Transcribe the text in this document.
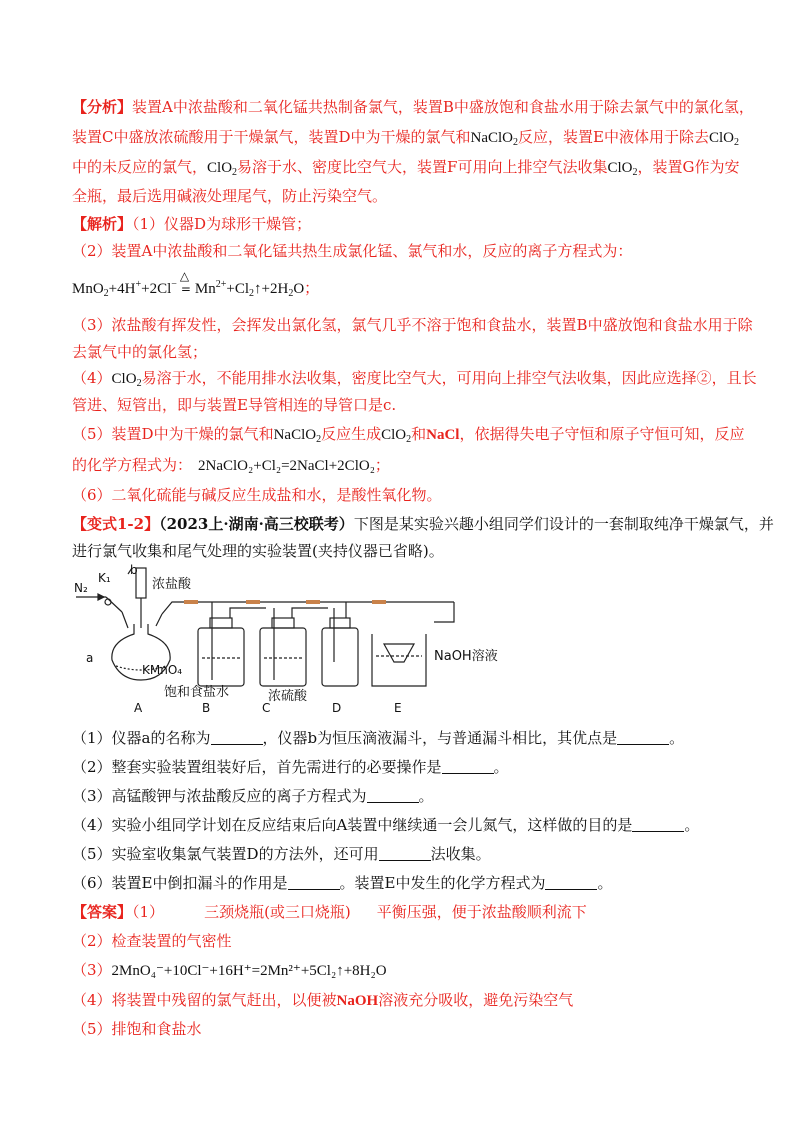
【分析】装置A中浓盐酸和二氧化锰共热制备氯气，装置B中盛放饱和食盐水用于除去氯气中的氯化氢，
装置C中盛放浓硫酸用于干燥氯气，装置D中为干燥的氯气和NaClO$_2$反应，装置E中液体用于除去ClO$_2$
中的未反应的氯气，ClO$_2$易溶于水、密度比空气大，装置F可用向上排空气法收集ClO$_2$，装置G作为安
全瓶，最后选用碱液处理尾气，防止污染空气。
【解析】（1）仪器D为球形干燥管；
（2）装置A中浓盐酸和二氧化锰共热生成氯化锰、氯气和水，反应的离子方程式为：
MnO$_2$+4H++2Cl−
△
= $Mn^{2+}+Cl_2↑+2H_2O$；
（3）浓盐酸有挥发性，会挥发出氯化氢，氯气几乎不溶于饱和食盐水，装置B中盛放饱和食盐水用于除
去氯气中的氯化氢；
（4）ClO$_2$易溶于水，不能用排水法收集，密度比空气大，可用向上排空气法收集，因此应选择②，且长
管进、短管出，即与装置E导管相连的导管口是c.
（5）装置D中为干燥的氯气和NaClO$_2$反应生成ClO$_2$和NaCl，依据得失电子守恒和原子守恒可知，反应
的化学方程式为： 2NaClO₂+Cl₂=2NaCl+2ClO₂；
（6）二氧化硫能与碱反应生成盐和水，是酸性氧化物。
【变式1-2】（2023上·湖南·高三校联考）下图是某实验兴趣小组同学们设计的一套制取纯净干燥氯气，并
进行氯气收集和尾气处理的实验装置(夹持仪器已省略)。
N₂
K₁
b
浓盐酸
a
KMnO₄
饱和食盐水	浓硫酸
NaOH溶液
A	B	C	D	E
（1）仪器a的名称为	，仪器b为恒压滴液漏斗，与普通漏斗相比，其优点是	。
（2）整套实验装置组装好后，首先需进行的必要操作是	。
（3）高锰酸钾与浓盐酸反应的离子方程式为	。
（4）实验小组同学计划在反应结束后向A装置中继续通一会儿氮气，这样做的目的是	。
（5）实验室收集氯气装置D的方法外，还可用	法收集。
（6）装置E中倒扣漏斗的作用是	。装置E中发生的化学方程式为	。
【答案】（1）	三颈烧瓶(或三口烧瓶) 平衡压强，便于浓盐酸顺利流下
（2）检查装置的气密性
（3）2MnO₄⁻+10Cl⁻+16H⁺=2Mn²⁺+5Cl₂↑+8H₂O
（4）将装置中残留的氯气赶出，以便被NaOH溶液充分吸收，避免污染空气
（5）排饱和食盐水
